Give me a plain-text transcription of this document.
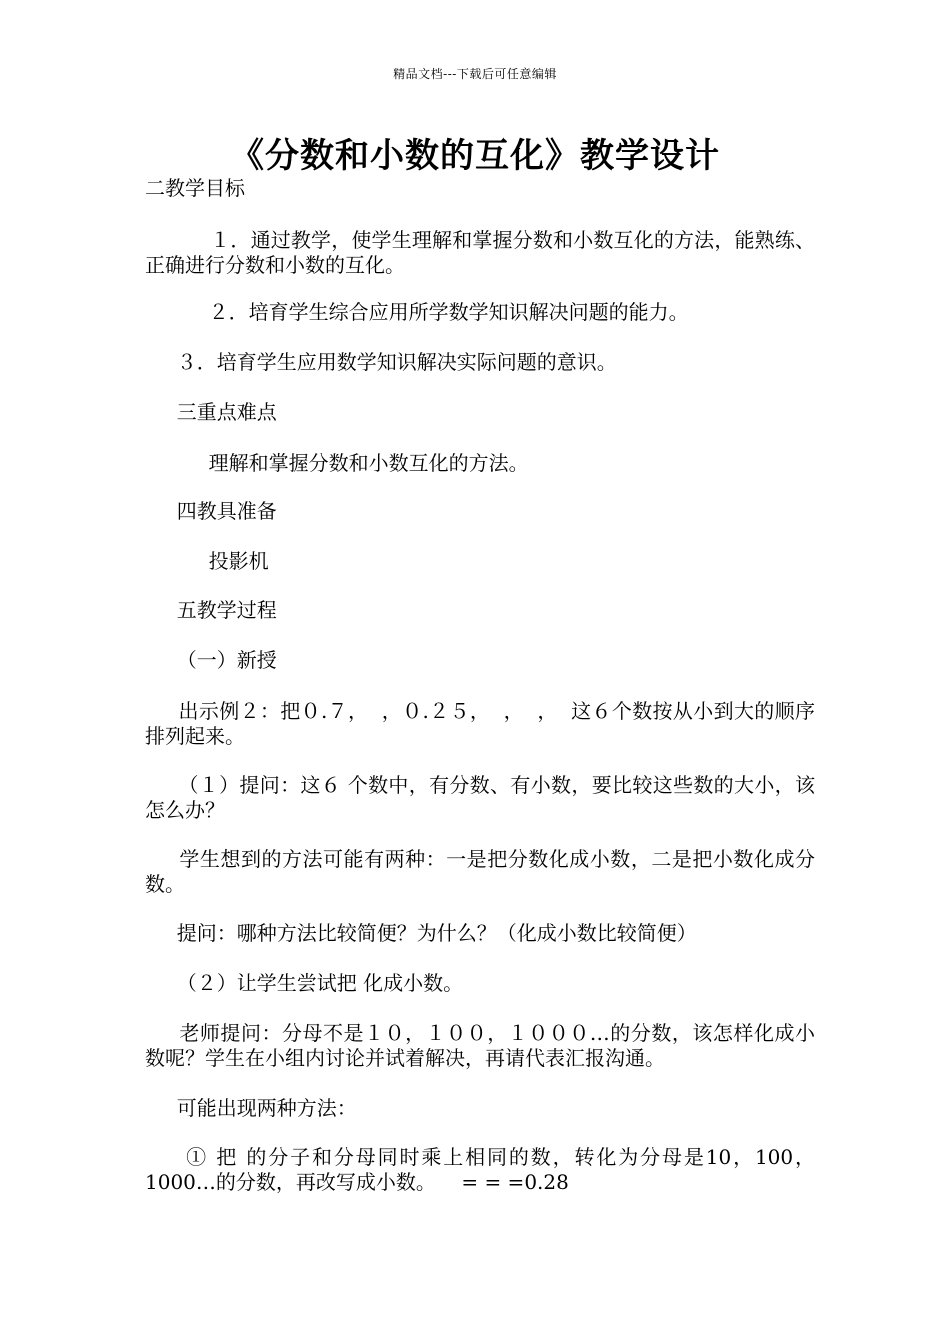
精品文档---下载后可任意编辑
《分数和小数的互化》教学设计
二教学目标
１．通过教学，使学生理解和掌握分数和小数互化的方法，能熟练、正确进行分数和小数的互化。
２．培育学生综合应用所学数学知识解决问题的能力。
３．培育学生应用数学知识解决实际问题的意识。
三重点难点
理解和掌握分数和小数互化的方法。
四教具准备
投影机
五教学过程
（一）新授
出示例２：把０.７，  ，０.２５，  ，  ，  这６个数按从小到大的顺序排列起来。
（１）提问：这６ 个数中，有分数、有小数，要比较这些数的大小，该怎么办？
学生想到的方法可能有两种：一是把分数化成小数，二是把小数化成分数。
提问：哪种方法比较简便？为什么？（化成小数比较简便）
（２）让学生尝试把 化成小数。
老师提问：分母不是１０，１００，１０００…的分数，该怎样化成小数呢？学生在小组内讨论并试着解决，再请代表汇报沟通。
可能出现两种方法：
① 把 的分子和分母同时乘上相同的数，转化为分母是10，100，1000…的分数，再改写成小数。    = = =0.28
